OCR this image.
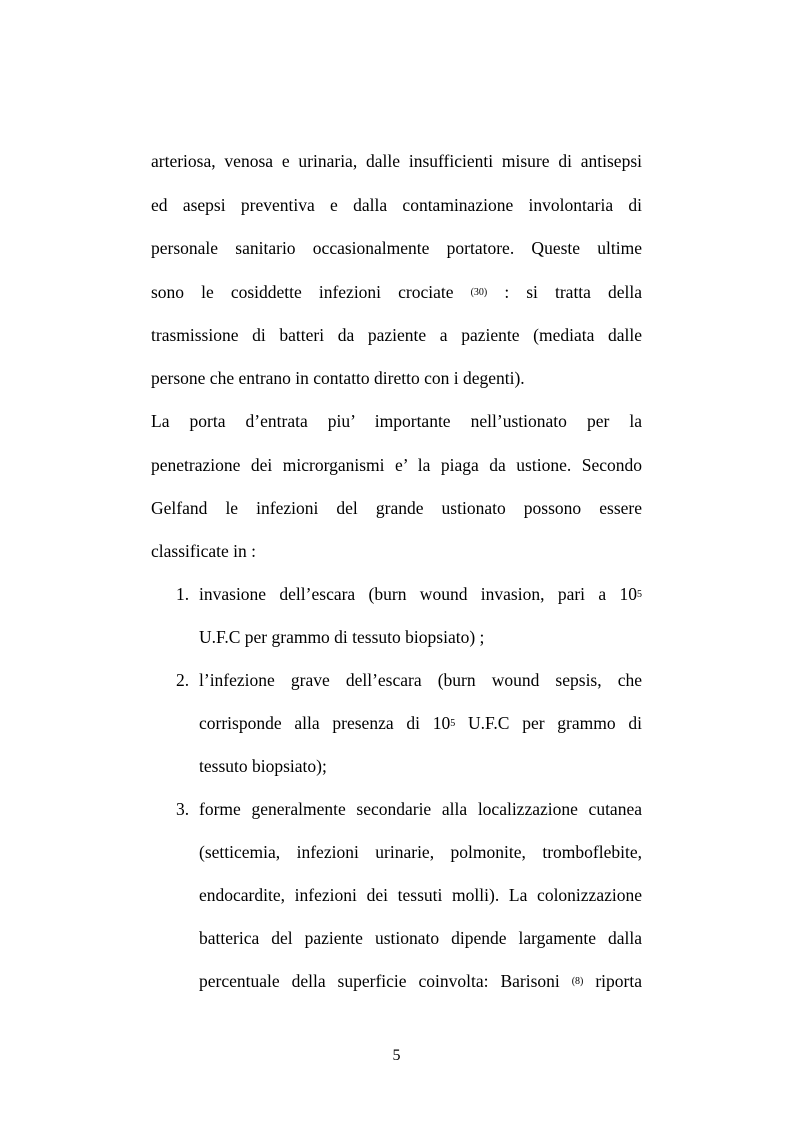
arteriosa, venosa e urinaria, dalle insufficienti misure di antisepsi
ed asepsi preventiva e dalla contaminazione involontaria di
personale sanitario occasionalmente portatore. Queste ultime
sono le cosiddette infezioni crociate $^{(30)}$ : si tratta della
trasmissione di batteri da paziente a paziente (mediata dalle
persone che entrano in contatto diretto con i degenti).
La porta d’entrata piu’ importante nell’ustionato per la
penetrazione dei microrganismi e’ la piaga da ustione. Secondo
Gelfand le infezioni del grande ustionato possono essere
classificate in :
1. invasione dell’escara (burn wound invasion, pari a $10^5$
U.F.C per grammo di tessuto biopsiato) ;
2. l’infezione grave dell’escara (burn wound sepsis, che
corrisponde alla presenza di $10^5$ U.F.C per grammo di
tessuto biopsiato);
3. forme generalmente secondarie alla localizzazione cutanea
(setticemia, infezioni urinarie, polmonite, tromboflebite,
endocardite, infezioni dei tessuti molli). La colonizzazione
batterica del paziente ustionato dipende largamente dalla
percentuale della superficie coinvolta: Barisoni $^{(8)}$ riporta
5
